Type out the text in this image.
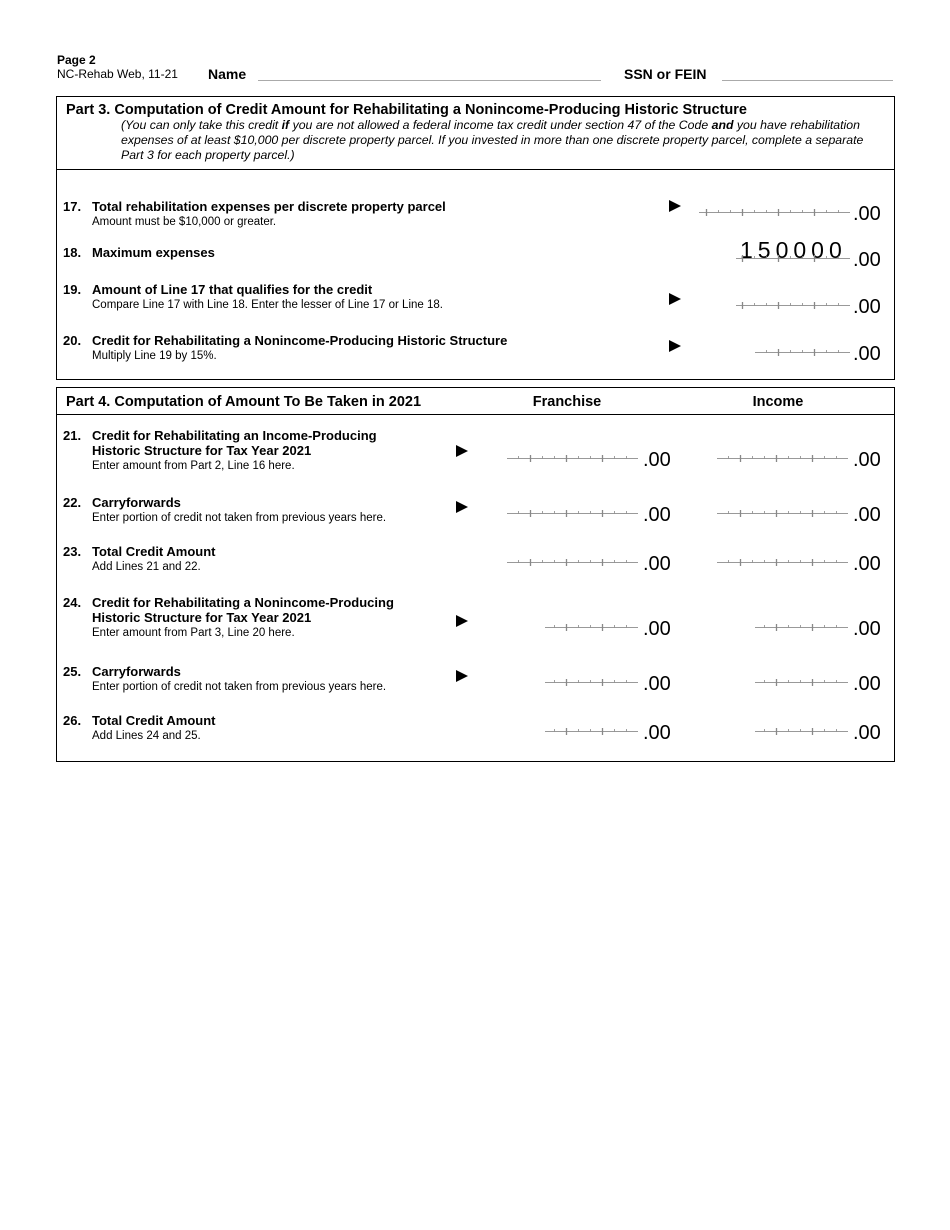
Page 2
NC-Rehab Web, 11-21 Name	SSN or FEIN
Part 3. Computation of Credit Amount for Rehabilitating a Nonincome-Producing Historic Structure
(You can only take this credit if you are not allowed a federal income tax credit under section 47 of the Code and you have rehabilitation expenses of at least $10,000 per discrete property parcel. If you invested in more than one discrete property parcel, complete a separate Part 3 for each property parcel.)
17. Total rehabilitation expenses per discrete property parcel
Amount must be $10,000 or greater.	.00
18. Maximum expenses	150000 .00
19. Amount of Line 17 that qualifies for the credit
Compare Line 17 with Line 18. Enter the lesser of Line 17 or Line 18.	.00
20. Credit for Rehabilitating a Nonincome-Producing Historic Structure
Multiply Line 19 by 15%.	.00
Part 4. Computation of Amount To Be Taken in 2021	Franchise	Income
21. Credit for Rehabilitating an Income-Producing
Historic Structure for Tax Year 2021
Enter amount from Part 2, Line 16 here.	.00	.00
22. Carryforwards
Enter portion of credit not taken from previous years here.	.00	.00
23. Total Credit Amount
Add Lines 21 and 22.	.00	.00
24. Credit for Rehabilitating a Nonincome-Producing
Historic Structure for Tax Year 2021
Enter amount from Part 3, Line 20 here.	.00	.00
25. Carryforwards
Enter portion of credit not taken from previous years here.	.00	.00
26. Total Credit Amount
Add Lines 24 and 25.	.00	.00
